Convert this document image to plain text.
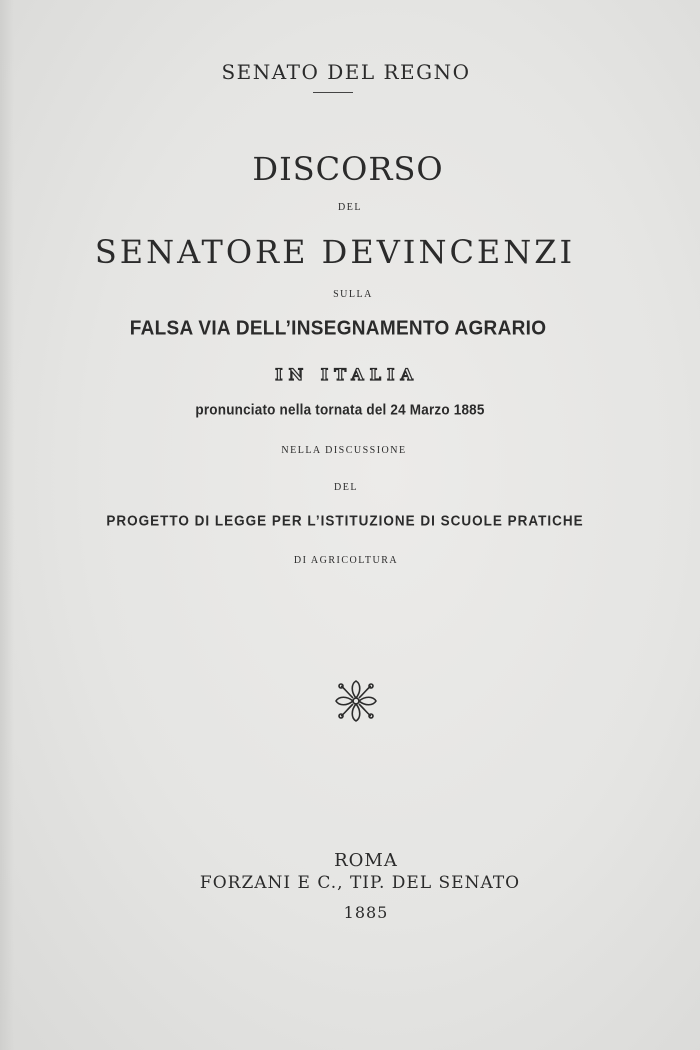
SENATO DEL REGNO
DISCORSO
DEL
SENATORE DEVINCENZI
SULLA
FALSA VIA DELL’INSEGNAMENTO AGRARIO
IN ITALIA
pronunciato nella tornata del 24 Marzo 1885
NELLA DISCUSSIONE
DEL
PROGETTO DI LEGGE PER L’ISTITUZIONE DI SCUOLE PRATICHE
DI AGRICOLTURA
ROMA
FORZANI E C., TIP. DEL SENATO
1885
